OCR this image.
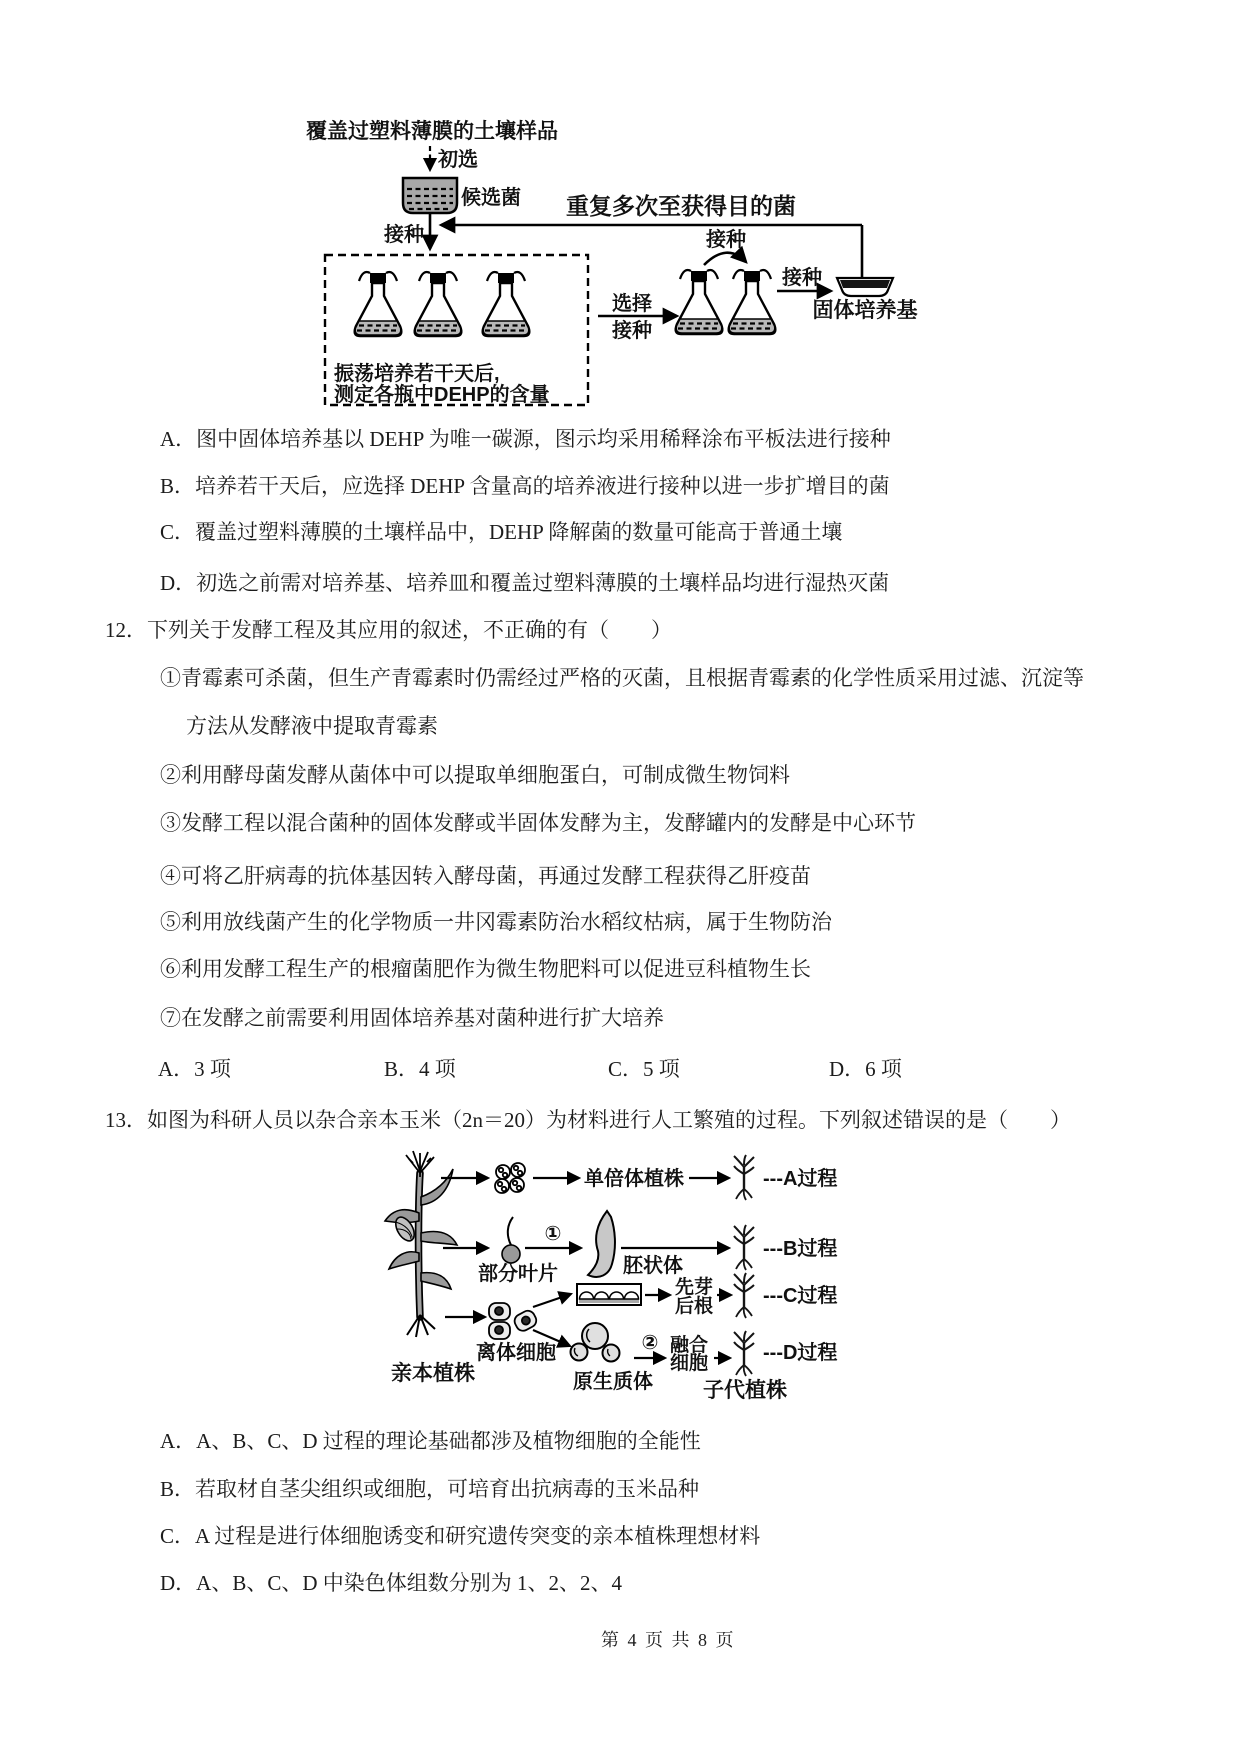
覆盖过塑料薄膜的土壤样品
初选
候选菌
接种
重复多次至获得目的菌
振荡培养若干天后,
测定各瓶中DEHP的含量
选择
接种
接种
接种
固体培养基
A．图中固体培养基以 DEHP 为唯一碳源，图示均采用稀释涂布平板法进行接种
B．培养若干天后，应选择 DEHP 含量高的培养液进行接种以进一步扩增目的菌
C．覆盖过塑料薄膜的土壤样品中，DEHP 降解菌的数量可能高于普通土壤
D．初选之前需对培养基、培养皿和覆盖过塑料薄膜的土壤样品均进行湿热灭菌
12．下列关于发酵工程及其应用的叙述，不正确的有（　　）
①青霉素可杀菌，但生产青霉素时仍需经过严格的灭菌，且根据青霉素的化学性质采用过滤、沉淀等
方法从发酵液中提取青霉素
②利用酵母菌发酵从菌体中可以提取单细胞蛋白，可制成微生物饲料
③发酵工程以混合菌种的固体发酵或半固体发酵为主，发酵罐内的发酵是中心环节
④可将乙肝病毒的抗体基因转入酵母菌，再通过发酵工程获得乙肝疫苗
⑤利用放线菌产生的化学物质一井冈霉素防治水稻纹枯病，属于生物防治
⑥利用发酵工程生产的根瘤菌肥作为微生物肥料可以促进豆科植物生长
⑦在发酵之前需要利用固体培养基对菌种进行扩大培养
A．3 项	B．4 项	C．5 项	D．6 项
13．如图为科研人员以杂合亲本玉米（2n＝20）为材料进行人工繁殖的过程。下列叙述错误的是（　　）
亲本植株
单倍体植株	---A过程
部分叶片
①
胚状体
---B过程
先芽
后根 ---C过程
离体细胞
原生质体
② 融合
细胞	---D过程
子代植株
A．A、B、C、D 过程的理论基础都涉及植物细胞的全能性
B．若取材自茎尖组织或细胞，可培育出抗病毒的玉米品种
C．A 过程是进行体细胞诱变和研究遗传突变的亲本植株理想材料
D．A、B、C、D 中染色体组数分别为 1、2、2、4
第 4 页 共 8 页
